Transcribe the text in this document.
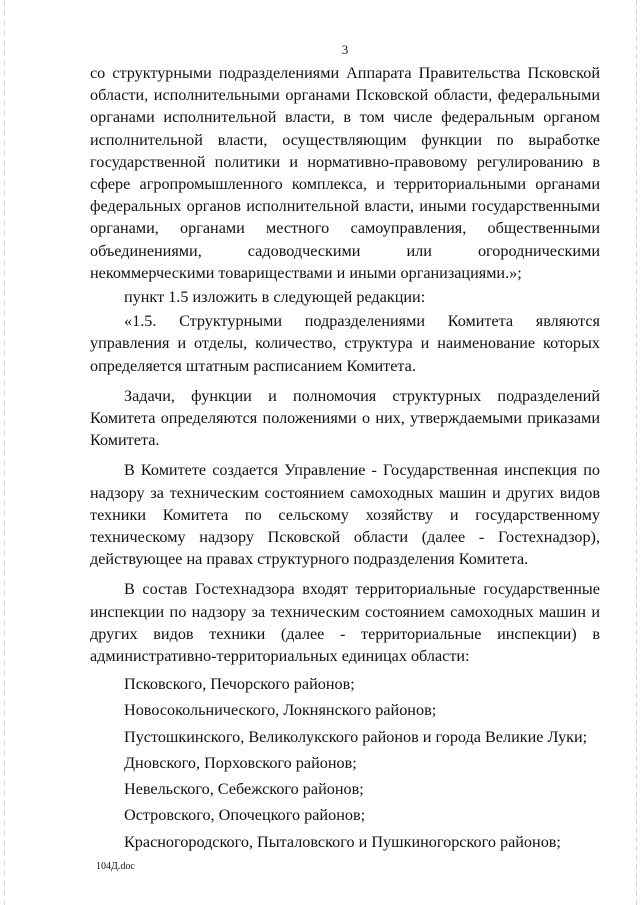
3

со структурными подразделениями Аппарата Правительства Псковской

области, исполнительными органами Псковской области, федеральными

органами исполнительной власти, в том числе федеральным органом

исполнительной власти, осуществляющим функции по выработке

государственной политики и нормативно-правовому регулированию в

сфере агропромышленного комплекса, и территориальными органами

федеральных органов исполнительной власти, иными государственными

органами, органами местного самоуправления, общественными

объединениями, садоводческими или огородническими

некоммерческими товариществами и иными организациями.»;

пункт 1.5 изложить в следующей редакции:

«1.5. Структурными подразделениями Комитета являются

управления и отделы, количество, структура и наименование которых

определяется штатным расписанием Комитета.

Задачи, функции и полномочия структурных подразделений

Комитета определяются положениями о них, утверждаемыми приказами

Комитета.

В Комитете создается Управление - Государственная инспекция по

надзору за техническим состоянием самоходных машин и других видов

техники Комитета по сельскому хозяйству и государственному

техническому надзору Псковской области (далее - Гостехнадзор),

действующее на правах структурного подразделения Комитета.

В состав Гостехнадзора входят территориальные государственные

инспекции по надзору за техническим состоянием самоходных машин и

других видов техники (далее - территориальные инспекции) в

административно-территориальных единицах области:

Псковского, Печорского районов;
Новосокольнического, Локнянского районов;
Пустошкинского, Великолукского районов и города Великие Луки;
Дновского, Порховского районов;
Невельского, Себежского районов;
Островского, Опочецкого районов;
Красногородского, Пыталовского и Пушкиногорского районов;
104Д.doc
